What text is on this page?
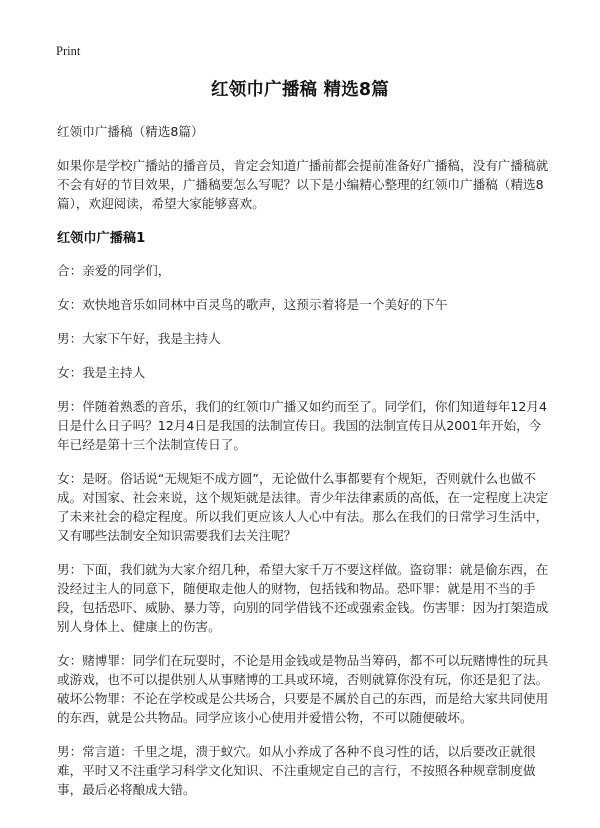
Print
红领巾广播稿 精选8篇

红领巾广播稿（精选8篇）

如果你是学校广播站的播音员，肯定会知道广播前都会提前准备好广播稿，没有广播稿就不会有好的节目效果，广播稿要怎么写呢？以下是小编精心整理的红领巾广播稿（精选8篇），欢迎阅读，希望大家能够喜欢。

红领巾广播稿1

合：亲爱的同学们，

女：欢快地音乐如同林中百灵鸟的歌声，这预示着将是一个美好的下午

男：大家下午好，我是主持人

女：我是主持人

男：伴随着熟悉的音乐，我们的红领巾广播又如约而至了。同学们，你们知道每年12月4日是什么日子吗？12月4日是我国的法制宣传日。我国的法制宣传日从2001年开始，今年已经是第十三个法制宣传日了。

女：是呀。俗话说“无规矩不成方圆”，无论做什么事都要有个规矩，否则就什么也做不成。对国家、社会来说，这个规矩就是法律。青少年法律素质的高低，在一定程度上决定了未来社会的稳定程度。所以我们更应该人人心中有法。那么在我们的日常学习生活中，又有哪些法制安全知识需要我们去关注呢？

男：下面，我们就为大家介绍几种，希望大家千万不要这样做。盗窃罪：就是偷东西，在没经过主人的同意下，随便取走他人的财物，包括钱和物品。恐吓罪：就是用不当的手段，包括恐吓、威胁、暴力等，向别的同学借钱不还或强索金钱。伤害罪：因为打架造成别人身体上、健康上的伤害。

女：赌博罪：同学们在玩耍时，不论是用金钱或是物品当筹码，都不可以玩赌博性的玩具或游戏，也不可以提供别人从事赌博的工具或环境，否则就算你没有玩，你还是犯了法。破坏公物罪：不论在学校或是公共场合，只要是不属於自己的东西，而是给大家共同使用的东西，就是公共物品。同学应该小心使用并爱惜公物，不可以随便破坏。

男：常言道：千里之堤，溃于蚁穴。如从小养成了各种不良习性的话，以后要改正就很难，平时又不注重学习科学文化知识、不注重规定自己的言行，不按照各种规章制度做事，最后必将酿成大错。
